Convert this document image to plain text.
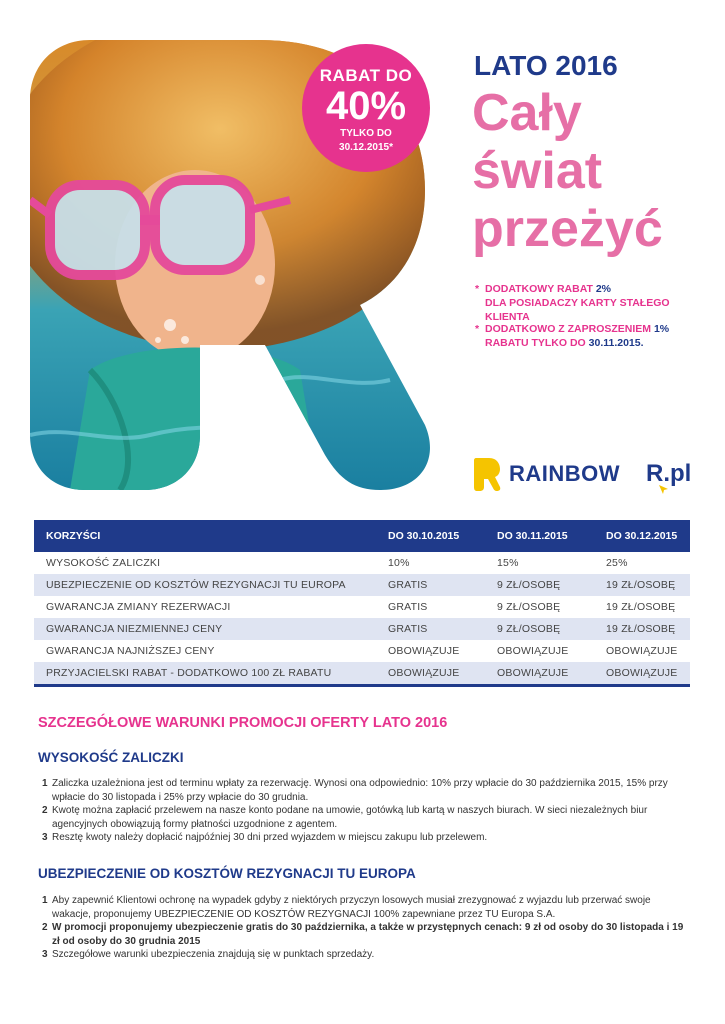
RABAT DO
40%
TYLKO DO
30.12.2015*
LATO 2016
Cały
świat
przeżyć
* DODATKOWY RABAT 2%
DLA POSIADACZY KARTY STAŁEGO KLIENTA
* DODATKOWO Z ZAPROSZENIEM 1%
RABATU TYLKO DO 30.11.2015.
RAINBOW R.pl
KORZYŚCI	DO 30.10.2015	DO 30.11.2015	DO 30.12.2015
WYSOKOŚĆ ZALICZKI	10%	15%	25%
UBEZPIECZENIE OD KOSZTÓW REZYGNACJI TU EUROPA	GRATIS	9 ZŁ/OSOBĘ	19 ZŁ/OSOBĘ
GWARANCJA ZMIANY REZERWACJI	GRATIS	9 ZŁ/OSOBĘ	19 ZŁ/OSOBĘ
GWARANCJA NIEZMIENNEJ CENY	GRATIS	9 ZŁ/OSOBĘ	19 ZŁ/OSOBĘ
GWARANCJA NAJNIŻSZEJ CENY	OBOWIĄZUJE	OBOWIĄZUJE	OBOWIĄZUJE
PRZYJACIELSKI RABAT - DODATKOWO 100 ZŁ RABATU	OBOWIĄZUJE	OBOWIĄZUJE	OBOWIĄZUJE
SZCZEGÓŁOWE WARUNKI PROMOCJI OFERTY LATO 2016
WYSOKOŚĆ ZALICZKI
1 Zaliczka uzależniona jest od terminu wpłaty za rezerwację. Wynosi ona odpowiednio: 10% przy wpłacie do 30 października 2015, 15% przy wpłacie do 30 listopada i 25% przy wpłacie do 30 grudnia.
2 Kwotę można zapłacić przelewem na nasze konto podane na umowie, gotówką lub kartą w naszych biurach. W sieci niezależnych biur agencyjnych obowiązują formy płatności uzgodnione z agentem.
3 Resztę kwoty należy dopłacić najpóźniej 30 dni przed wyjazdem w miejscu zakupu lub przelewem.
UBEZPIECZENIE OD KOSZTÓW REZYGNACJI TU EUROPA
1 Aby zapewnić Klientowi ochronę na wypadek gdyby z niektórych przyczyn losowych musiał zrezygnować z wyjazdu lub przerwać swoje wakacje, proponujemy UBEZPIECZENIE OD KOSZTÓW REZYGNACJI 100% zapewniane przez TU Europa S.A.
2 W promocji proponujemy ubezpieczenie gratis do 30 października, a także w przystępnych cenach: 9 zł od osoby do 30 listopada i 19 zł od osoby do 30 grudnia 2015
3 Szczegółowe warunki ubezpieczenia znajdują się w punktach sprzedaży.
